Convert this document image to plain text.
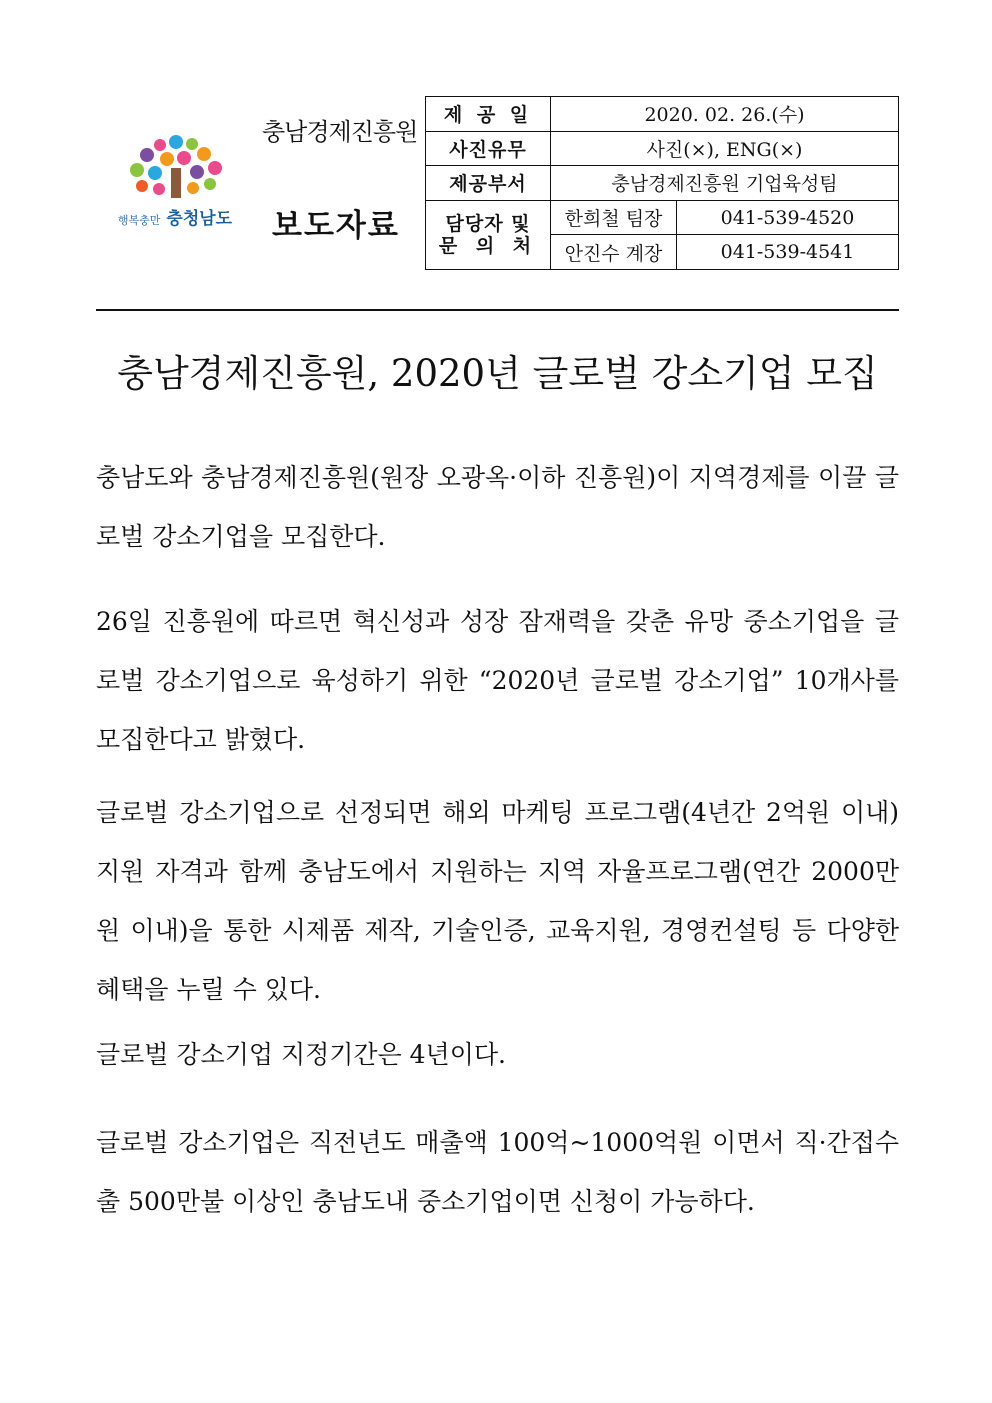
행복충만 충청남도
충남경제진흥원
보도자료
제 공 일	2020. 02. 26.(수)	
사진유무	사진(×), ENG(×)	
제공부서	충남경제진흥원 기업육성팀	

담당자 및
문 의 처	한희철 팀장	041-539-4520
	안진수 계장	041-539-4541
충남경제진흥원, 2020년 글로벌 강소기업 모집

충남도와 충남경제진흥원(원장 오광옥·이하 진흥원)이 지역경제를 이끌 글로벌 강소기업을 모집한다.

26일 진흥원에 따르면 혁신성과 성장 잠재력을 갖춘 유망 중소기업을 글로벌 강소기업으로 육성하기 위한 “2020년 글로벌 강소기업” 10개사를 모집한다고 밝혔다.

글로벌 강소기업으로 선정되면 해외 마케팅 프로그램(4년간 2억원 이내) 지원 자격과 함께 충남도에서 지원하는 지역 자율프로그램(연간 2000만원 이내)을 통한 시제품 제작, 기술인증, 교육지원, 경영컨설팅 등 다양한 혜택을 누릴 수 있다.

글로벌 강소기업 지정기간은 4년이다.

글로벌 강소기업은 직전년도 매출액 100억~1000억원 이면서 직·간접수출 500만불 이상인 충남도내 중소기업이면 신청이 가능하다.
